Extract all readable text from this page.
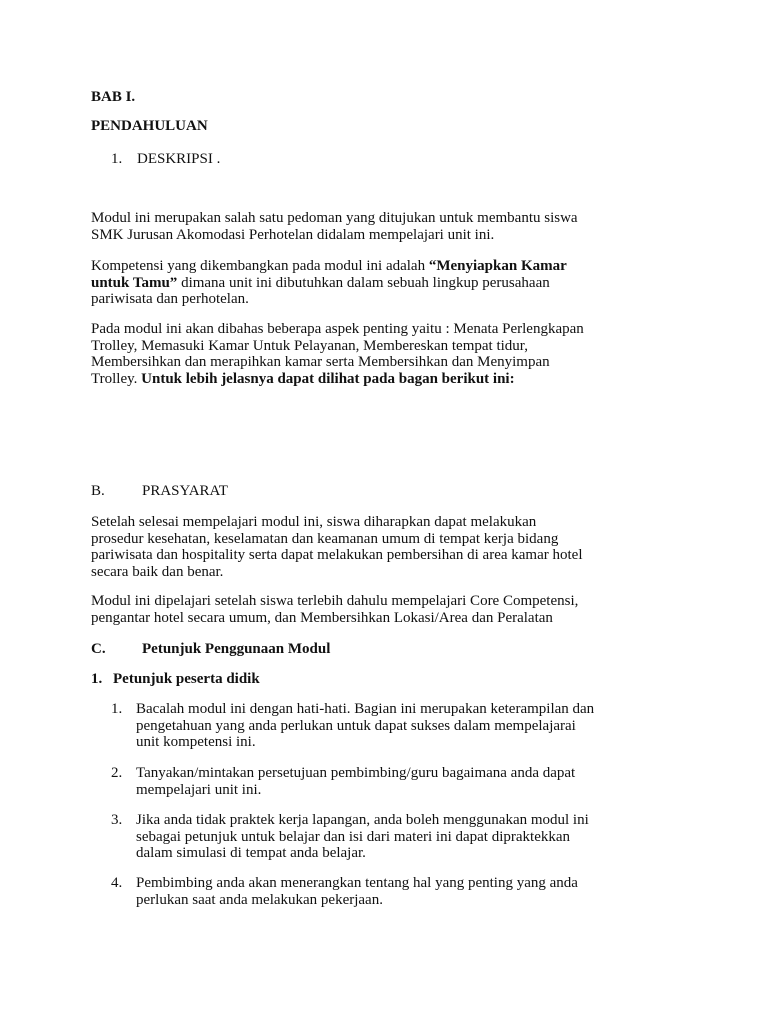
BAB I.
PENDAHULUAN
1. DESKRIPSI .
Modul ini merupakan salah satu pedoman yang ditujukan untuk membantu siswa
SMK Jurusan Akomodasi Perhotelan didalam mempelajari unit ini.
Kompetensi yang dikembangkan pada modul ini adalah “Menyiapkan Kamar
untuk Tamu” dimana unit ini dibutuhkan dalam sebuah lingkup perusahaan
pariwisata dan perhotelan.
Pada modul ini akan dibahas beberapa aspek penting yaitu : Menata Perlengkapan
Trolley, Memasuki Kamar Untuk Pelayanan, Membereskan tempat tidur,
Membersihkan dan merapihkan kamar serta Membersihkan dan Menyimpan
Trolley. Untuk lebih jelasnya dapat dilihat pada bagan berikut ini:
B. PRASYARAT
Setelah selesai mempelajari modul ini, siswa diharapkan dapat melakukan
prosedur kesehatan, keselamatan dan keamanan umum di tempat kerja bidang
pariwisata dan hospitality serta dapat melakukan pembersihan di area kamar hotel
secara baik dan benar.
Modul ini dipelajari setelah siswa terlebih dahulu mempelajari Core Competensi,
pengantar hotel secara umum, dan Membersihkan Lokasi/Area dan Peralatan
C. Petunjuk Penggunaan Modul
1. Petunjuk peserta didik
1. Bacalah modul ini dengan hati-hati. Bagian ini merupakan keterampilan dan
pengetahuan yang anda perlukan untuk dapat sukses dalam mempelajarai
unit kompetensi ini.
2. Tanyakan/mintakan persetujuan pembimbing/guru bagaimana anda dapat
mempelajari unit ini.
3. Jika anda tidak praktek kerja lapangan, anda boleh menggunakan modul ini
sebagai petunjuk untuk belajar dan isi dari materi ini dapat dipraktekkan
dalam simulasi di tempat anda belajar.
4. Pembimbing anda akan menerangkan tentang hal yang penting yang anda
perlukan saat anda melakukan pekerjaan.
